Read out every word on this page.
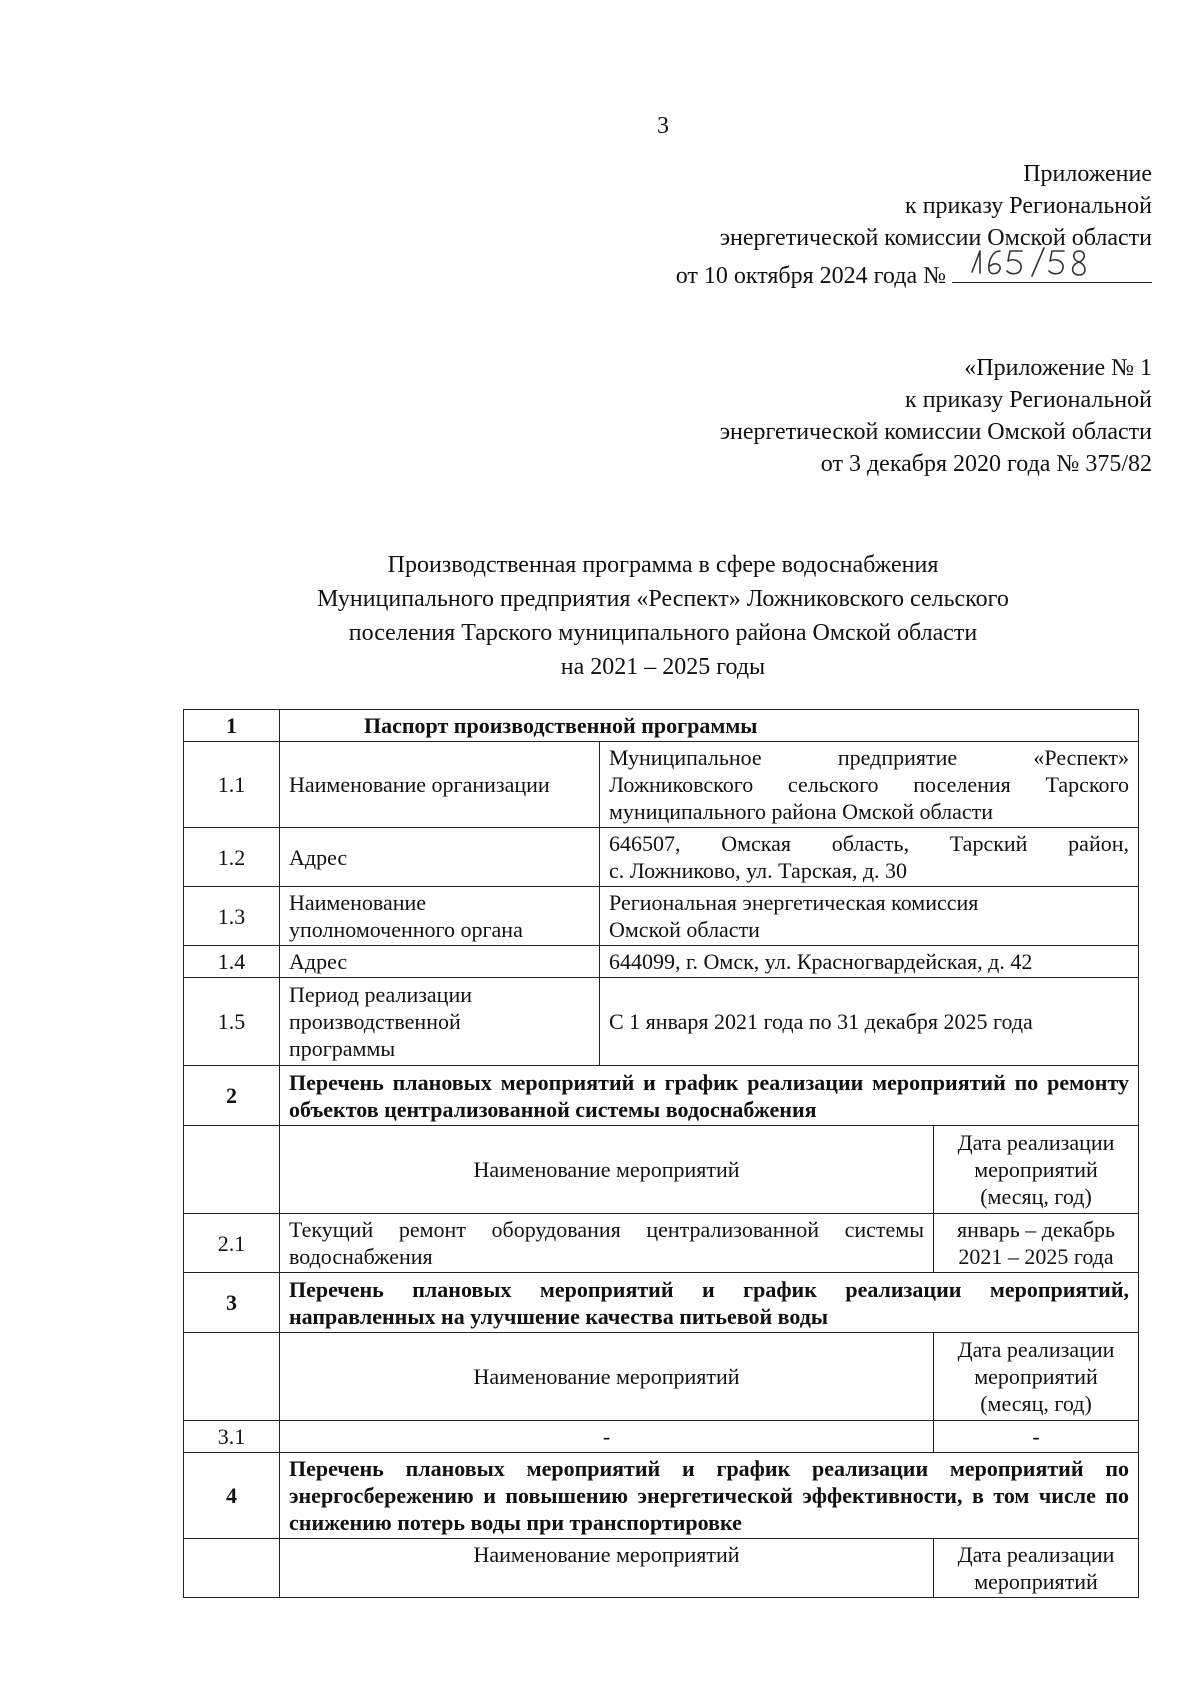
3
Приложение
к приказу Региональной
энергетической комиссии Омской области
от 10 октября 2024 года №
«Приложение № 1
к приказу Региональной
энергетической комиссии Омской области
от 3 декабря 2020 года № 375/82
Производственная программа в сфере водоснабжения
Муниципального предприятия «Респект» Ложниковского сельского
поселения Тарского муниципального района Омской области
на 2021 – 2025 годы
1	Паспорт производственной программы		
1.1	Наименование организации	Муниципальное предприятие «Респект»
Ложниковского сельского поселения Тарского
муниципального района Омской области	

1.2	Адрес	646507, Омская область, Тарский район,
с. Ложниково, ул. Тарская, д. 30	

1.3	Наименование
уполномоченного органа	Региональная энергетическая комиссия
Омской области	

1.4	Адрес	644099, г. Омск, ул. Красногвардейская, д. 42	
1.5	Период реализации
производственной
программы	С 1 января 2021 года по 31 декабря 2025 года	
2	Перечень плановых мероприятий и график реализации мероприятий по ремонту объектов централизованной системы водоснабжения		
	Наименование мероприятий		Дата реализации
мероприятий
(месяц, год)

2.1	Текущий ремонт оборудования централизованной системы водоснабжения		январь – декабрь
2021 – 2025 года

3	Перечень плановых мероприятий и график реализации мероприятий, направленных на улучшение качества питьевой воды		
	Наименование мероприятий		Дата реализации
мероприятий
(месяц, год)

3.1	-		-
4	Перечень плановых мероприятий и график реализации мероприятий по энергосбережению и повышению энергетической эффективности, в том числе по снижению потерь воды при транспортировке		
	Наименование мероприятий		Дата реализации
мероприятий
